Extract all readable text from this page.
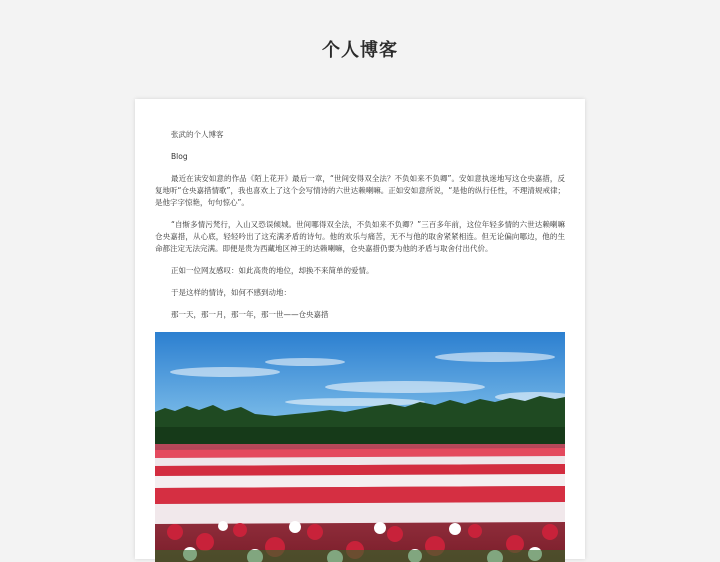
个人博客

张武的个人博客

Blog

最近在读安如意的作品《陌上花开》最后一章，“世间安得双全法？不负如来不负卿”。安如意执迷地写这仓央嘉措，反复地听“仓央嘉措情歌”，我也喜欢上了这个会写情诗的六世达赖喇嘛。正如安如意所说，“是他的纵行任性，不理清规戒律；是他字字惊艳，句句惊心”。

“自惭多情污梵行，入山又恐误倾城。世间哪得双全法，不负如来不负卿？”三百多年前，这位年轻多情的六世达赖喇嘛仓央嘉措，从心底，轻轻吟出了这充满矛盾的诗句。他的欢乐与痛苦，无不与他的取舍紧紧相连。但无论偏向哪边，他的生命都注定无法完满。即便是贵为西藏地区神王的达赖喇嘛，仓央嘉措仍要为他的矛盾与取舍付出代价。

正如一位网友感叹：如此高贵的地位，却换不来简单的爱情。

于是这样的情诗，如何不感到动地：

那一天，那一月，那一年，那一世——仓央嘉措
